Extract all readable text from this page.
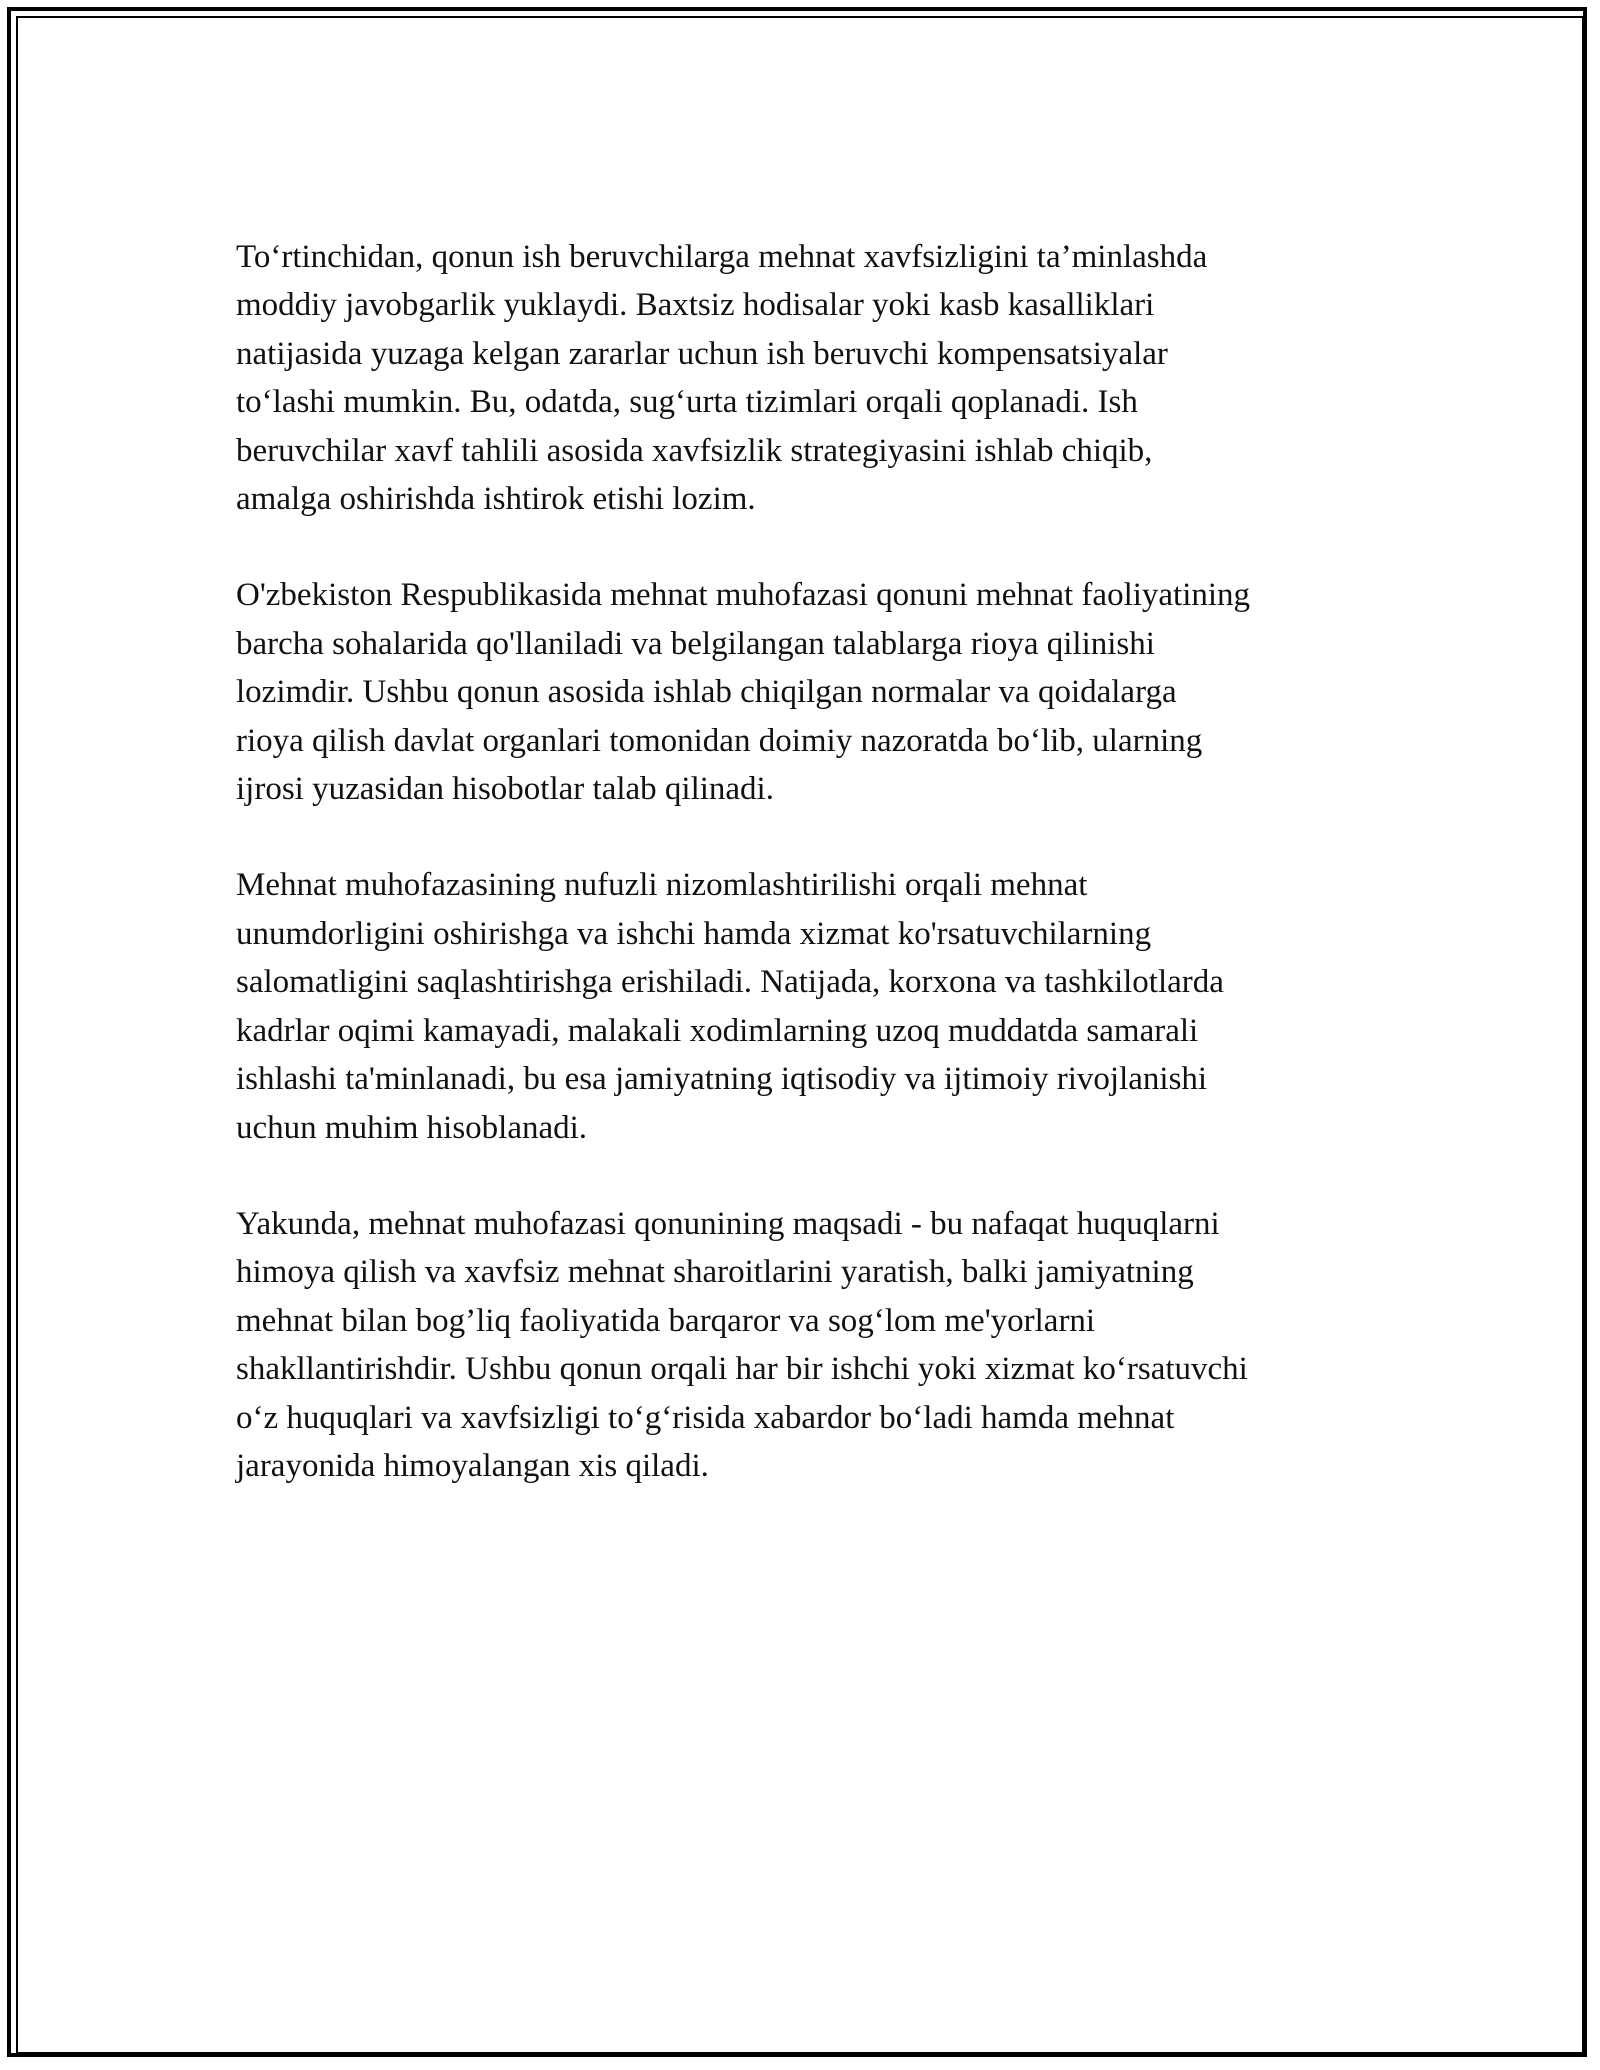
To‘rtinchidan, qonun ish beruvchilarga mehnat xavfsizligini ta’minlashda
moddiy javobgarlik yuklaydi. Baxtsiz hodisalar yoki kasb kasalliklari
natijasida yuzaga kelgan zararlar uchun ish beruvchi kompensatsiyalar
to‘lashi mumkin. Bu, odatda, sug‘urta tizimlari orqali qoplanadi. Ish
beruvchilar xavf tahlili asosida xavfsizlik strategiyasini ishlab chiqib,
amalga oshirishda ishtirok etishi lozim.

O'zbekiston Respublikasida mehnat muhofazasi qonuni mehnat faoliyatining
barcha sohalarida qo'llaniladi va belgilangan talablarga rioya qilinishi
lozimdir. Ushbu qonun asosida ishlab chiqilgan normalar va qoidalarga
rioya qilish davlat organlari tomonidan doimiy nazoratda bo‘lib, ularning
ijrosi yuzasidan hisobotlar talab qilinadi.

Mehnat muhofazasining nufuzli nizomlashtirilishi orqali mehnat
unumdorligini oshirishga va ishchi hamda xizmat ko'rsatuvchilarning
salomatligini saqlashtirishga erishiladi. Natijada, korxona va tashkilotlarda
kadrlar oqimi kamayadi, malakali xodimlarning uzoq muddatda samarali
ishlashi ta'minlanadi, bu esa jamiyatning iqtisodiy va ijtimoiy rivojlanishi
uchun muhim hisoblanadi.

Yakunda, mehnat muhofazasi qonunining maqsadi - bu nafaqat huquqlarni
himoya qilish va xavfsiz mehnat sharoitlarini yaratish, balki jamiyatning
mehnat bilan bog’liq faoliyatida barqaror va sog‘lom me'yorlarni
shakllantirishdir. Ushbu qonun orqali har bir ishchi yoki xizmat ko‘rsatuvchi
o‘z huquqlari va xavfsizligi to‘g‘risida xabardor bo‘ladi hamda mehnat
jarayonida himoyalangan xis qiladi.
